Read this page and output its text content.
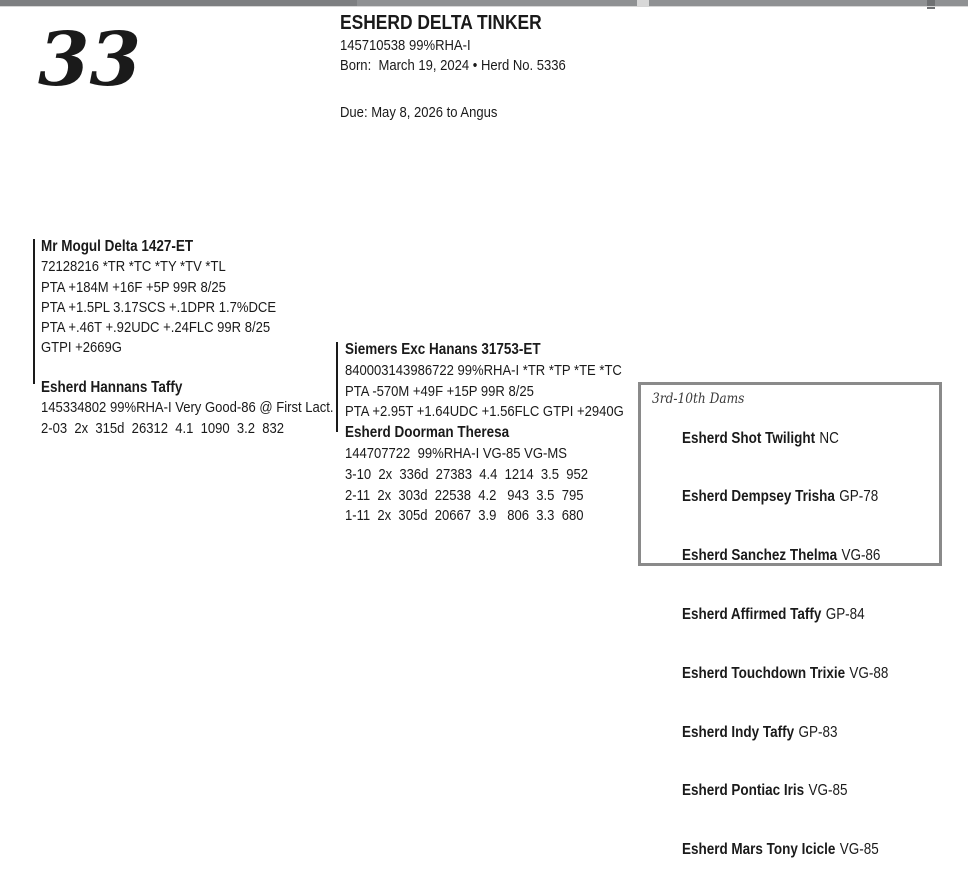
33	ESHERD DELTA TINKER
145710538 99%RHA-I
Born:  March 19, 2024 • Herd No. 5336
Due: May 8, 2026 to Angus
Mr Mogul Delta 1427-ET
72128216 *TR *TC *TY *TV *TL
PTA +184M +16F +5P 99R 8/25
PTA +1.5PL 3.17SCS +.1DPR 1.7%DCE
PTA +.46T +.92UDC +.24FLC 99R 8/25
GTPI +2669G
Esherd Hannans Taffy
145334802 99%RHA-I Very Good-86 @ First Lact.
2-03  2x  315d  26312  4.1  1090  3.2  832
Siemers Exc Hanans 31753-ET
840003143986722 99%RHA-I *TR *TP *TE *TC
PTA -570M +49F +15P 99R 8/25
PTA +2.95T +1.64UDC +1.56FLC GTPI +2940G
Esherd Doorman Theresa
144707722  99%RHA-I VG-85 VG-MS
3-10  2x  336d  27383  4.4  1214  3.5  952
2-11  2x  303d  22538  4.2   943  3.5  795
1-11  2x  305d  20667  3.9   806  3.3  680
3rd-10th Dams

Esherd Shot Twilight NC

Esherd Dempsey Trisha GP-78

Esherd Sanchez Thelma VG-86

Esherd Affirmed Taffy GP-84

Esherd Touchdown Trixie VG-88

Esherd Indy Taffy GP-83

Esherd Pontiac Iris VG-85

Esherd Mars Tony Icicle VG-85
